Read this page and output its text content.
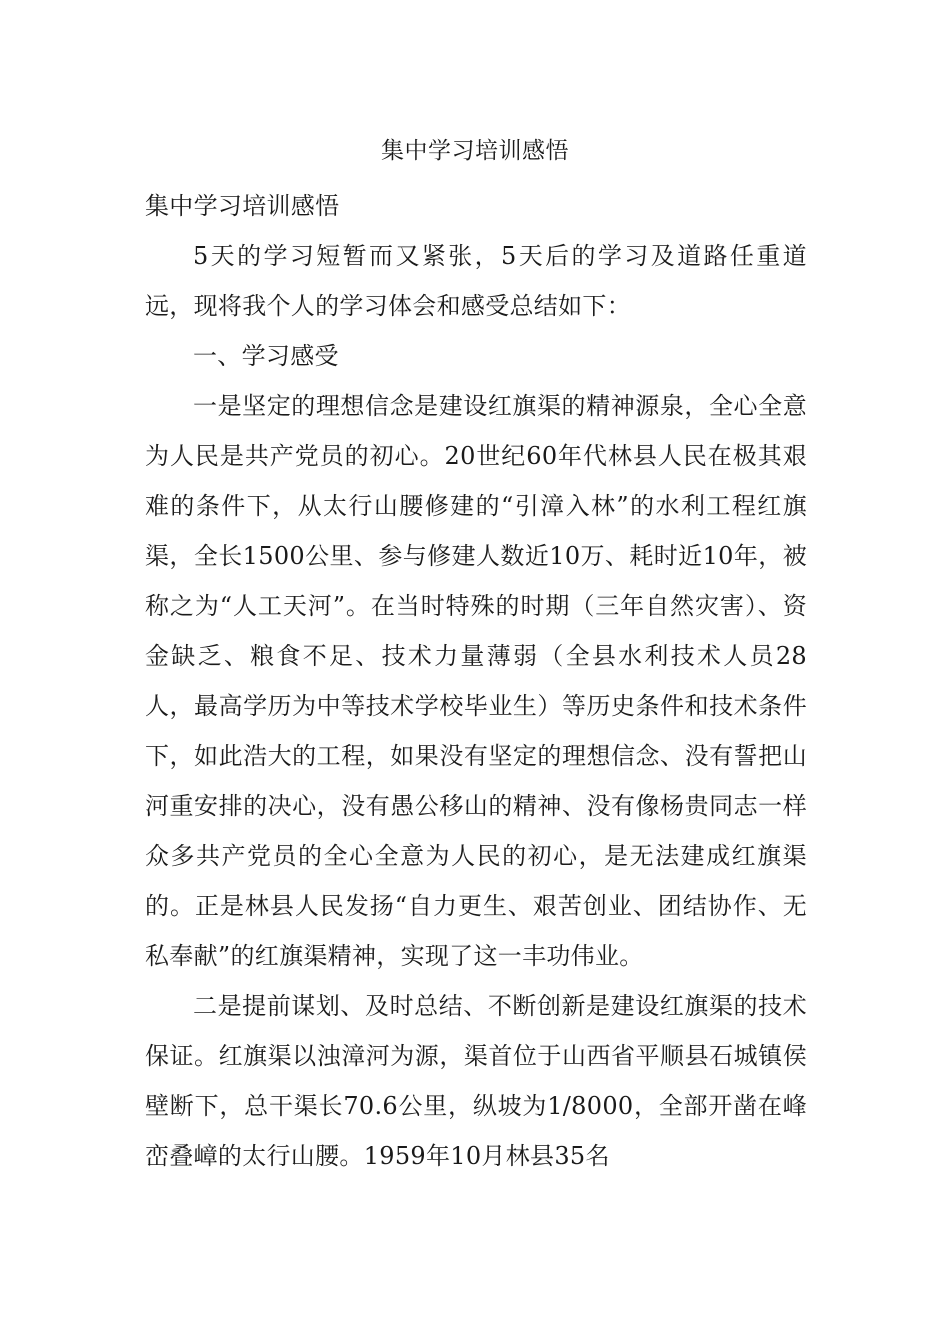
集中学习培训感悟

集中学习培训感悟

5天的学习短暂而又紧张，5天后的学习及道路任重道远，现将我个人的学习体会和感受总结如下：

一、学习感受

一是坚定的理想信念是建设红旗渠的精神源泉，全心全意为人民是共产党员的初心。20世纪60年代林县人民在极其艰难的条件下，从太行山腰修建的“引漳入林”的水利工程红旗渠，全长1500公里、参与修建人数近10万、耗时近10年，被称之为“人工天河”。在当时特殊的时期（三年自然灾害）、资金缺乏、粮食不足、技术力量薄弱（全县水利技术人员28人，最高学历为中等技术学校毕业生）等历史条件和技术条件下，如此浩大的工程，如果没有坚定的理想信念、没有誓把山河重安排的决心，没有愚公移山的精神、没有像杨贵同志一样众多共产党员的全心全意为人民的初心，是无法建成红旗渠的。正是林县人民发扬“自力更生、艰苦创业、团结协作、无私奉献”的红旗渠精神，实现了这一丰功伟业。

二是提前谋划、及时总结、不断创新是建设红旗渠的技术保证。红旗渠以浊漳河为源，渠首位于山西省平顺县石城镇侯壁断下，总干渠长70.6公里，纵坡为1/8000，全部开凿在峰峦叠嶂的太行山腰。1959年10月林县35名
